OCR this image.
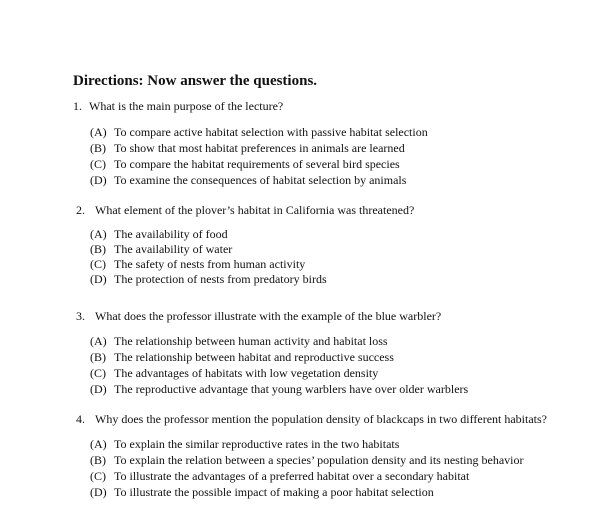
Directions: Now answer the questions.
1. What is the main purpose of the lecture?
(A) To compare active habitat selection with passive habitat selection
(B) To show that most habitat preferences in animals are learned
(C) To compare the habitat requirements of several bird species
(D) To examine the consequences of habitat selection by animals
2. What element of the plover’s habitat in California was threatened?
(A) The availability of food
(B) The availability of water
(C) The safety of nests from human activity
(D) The protection of nests from predatory birds
3. What does the professor illustrate with the example of the blue warbler?
(A) The relationship between human activity and habitat loss
(B) The relationship between habitat and reproductive success
(C) The advantages of habitats with low vegetation density
(D) The reproductive advantage that young warblers have over older warblers
4. Why does the professor mention the population density of blackcaps in two different habitats?
(A) To explain the similar reproductive rates in the two habitats
(B) To explain the relation between a species’ population density and its nesting behavior
(C) To illustrate the advantages of a preferred habitat over a secondary habitat
(D) To illustrate the possible impact of making a poor habitat selection
